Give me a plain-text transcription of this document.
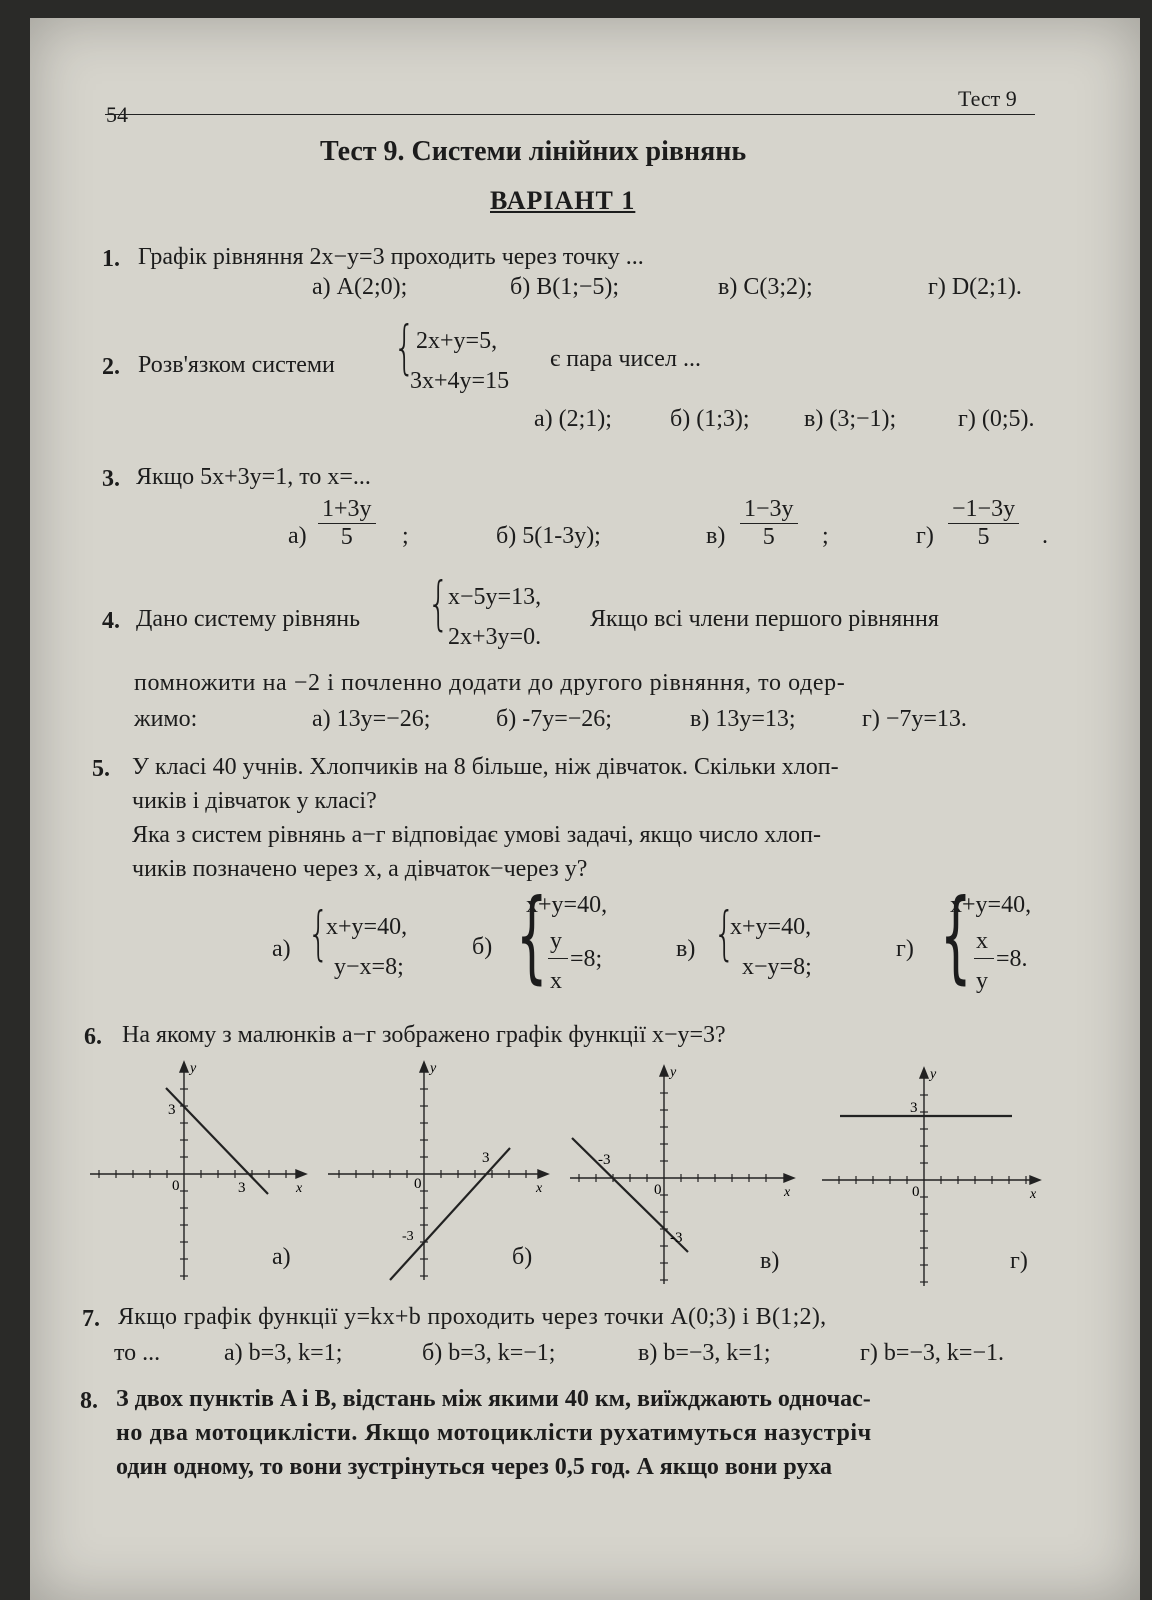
54
Тест 9
Тест 9. Системи лінійних рівнянь
ВАРІАНТ 1
1. Графік рівняння 2x−y=3 проходить через точку ...
а) A(2;0);	б) B(1;−5);	в) C(3;2);	г) D(2;1).
2. Розв'язком системи { 2x+y=5,
3x+4y=15
є пара чисел ...
а) (2;1); б) (1;3); в) (3;−1);	г) (0;5).
3. Якщо 5x+3y=1, то x=...
$а) \frac{1+3y}{5}$ ;	б) 5(1-3y);	$в) \frac{1-3y}{5}$ ;	$г) \frac{-1-3y}{5}$ .
4. Дано систему рівнянь {
x−5y=13,
2x+3y=0.
Якщо всі члени першого рівняння
помножити на −2 і почленно додати до другого рівняння, то одер-
жимо:	а) 13y=−26;	б) -7y=−26;	в) 13y=13;	г) −7y=13.
5. У класі 40 учнів. Хлопчиків на 8 більше, ніж дівчаток. Скільки хлоп-
чиків і дівчаток у класі?
Яка з систем рівнянь а−г відповідає умові задачі, якщо число хлоп-
чиків позначено через x, а дівчаток−через y?
а) {
x+y=40,
y−x=8;
б) {
x+y=40,
y
=8;
x
в) {
x+y=40,
x−y=8;
г) {
x+y=40,
x
=8.
y
6. На якому з малюнків а−г зображено графік функції x−y=3?
y
x
0
3
3
а)
y
x
0
-3
3
б)
y
x
0
-3
-3
в)
y
x
0
3
г)
7. Якщо графік функції y=kx+b проходить через точки A(0;3) і B(1;2),
то ...	а) b=3, k=1;	б) b=3, k=−1;	в) b=−3, k=1;	г) b=−3, k=−1.
8. З двох пунктів A і B, відстань між якими 40 км, виїжджають одночас-
но два мотоциклісти. Якщо мотоциклісти рухатимуться назустріч
один одному, то вони зустрінуться через 0,5 год. А якщо вони руха
